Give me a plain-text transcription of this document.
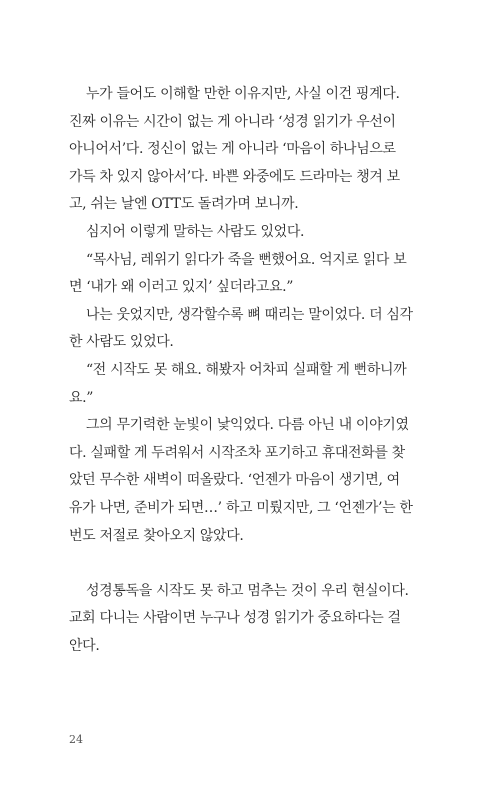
누가 들어도 이해할 만한 이유지만, 사실 이건 핑계다.
진짜 이유는 시간이 없는 게 아니라 ‘성경 읽기가 우선이
아니어서’다. 정신이 없는 게 아니라 ‘마음이 하나님으로
가득 차 있지 않아서’다. 바쁜 와중에도 드라마는 챙겨 보
고, 쉬는 날엔 OTT도 돌려가며 보니까.

심지어 이렇게 말하는 사람도 있었다.

“목사님, 레위기 읽다가 죽을 뻔했어요. 억지로 읽다 보
면 ‘내가 왜 이러고 있지’ 싶더라고요.”

나는 웃었지만, 생각할수록 뼈 때리는 말이었다. 더 심각
한 사람도 있었다.

“전 시작도 못 해요. 해봤자 어차피 실패할 게 뻔하니까
요.”

그의 무기력한 눈빛이 낯익었다. 다름 아닌 내 이야기였
다. 실패할 게 두려워서 시작조차 포기하고 휴대전화를 찾
았던 무수한 새벽이 떠올랐다. ‘언젠가 마음이 생기면, 여
유가 나면, 준비가 되면…’ 하고 미뤘지만, 그 ‘언젠가’는 한
번도 저절로 찾아오지 않았다.

성경통독을 시작도 못 하고 멈추는 것이 우리 현실이다.
교회 다니는 사람이면 누구나 성경 읽기가 중요하다는 걸
안다.

24
